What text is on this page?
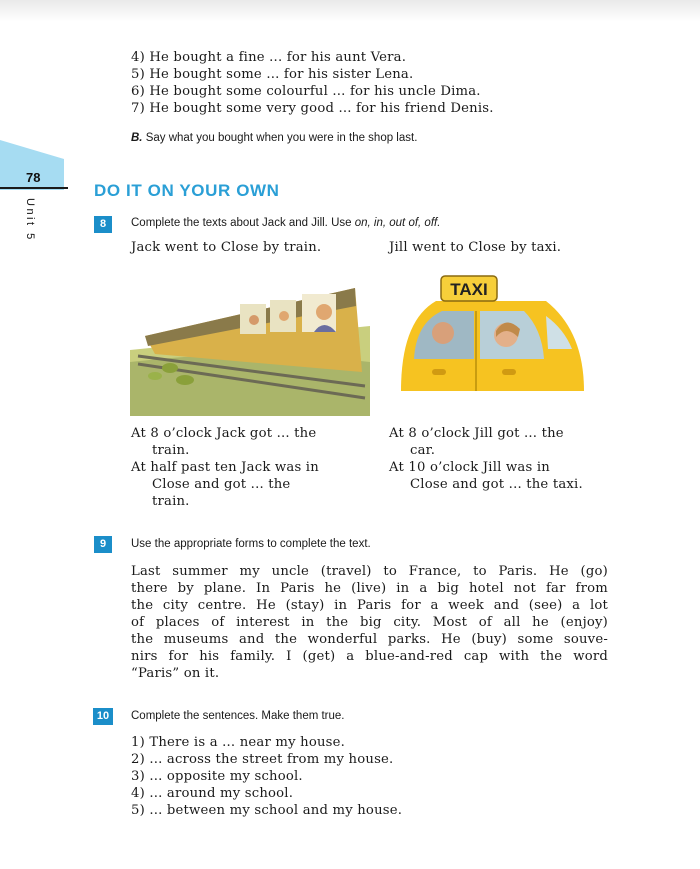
4) He bought a fine ... for his aunt Vera.
5) He bought some ... for his sister Lena.
6) He bought some colourful ... for his uncle Dima.
7) He bought some very good ... for his friend Denis.
B. Say what you bought when you were in the shop last.
78
Unit 5
DO IT ON YOUR OWN
8	Complete the texts about Jack and Jill. Use on, in, out of, off.
Jack went to Close by train.	Jill went to Close by taxi.
TAXI
At 8 o’clock Jack got ... the
train.
At half past ten Jack was in
Close and got ... the
train.
At 8 o’clock Jill got ... the
car.
At 10 o’clock Jill was in
Close and got ... the taxi.
9	Use the appropriate forms to complete the text.
Last summer my uncle (travel) to France, to Paris. He (go)
there by plane. In Paris he (live) in a big hotel not far from
the city centre. He (stay) in Paris for a week and (see) a lot
of places of interest in the big city. Most of all he (enjoy)
the museums and the wonderful parks. He (buy) some souve-
nirs for his family. I (get) a blue-and-red cap with the word
“Paris” on it.
10	Complete the sentences. Make them true.
1) There is a ... near my house.
2) ... across the street from my house.
3) ... opposite my school.
4) ... around my school.
5) ... between my school and my house.
